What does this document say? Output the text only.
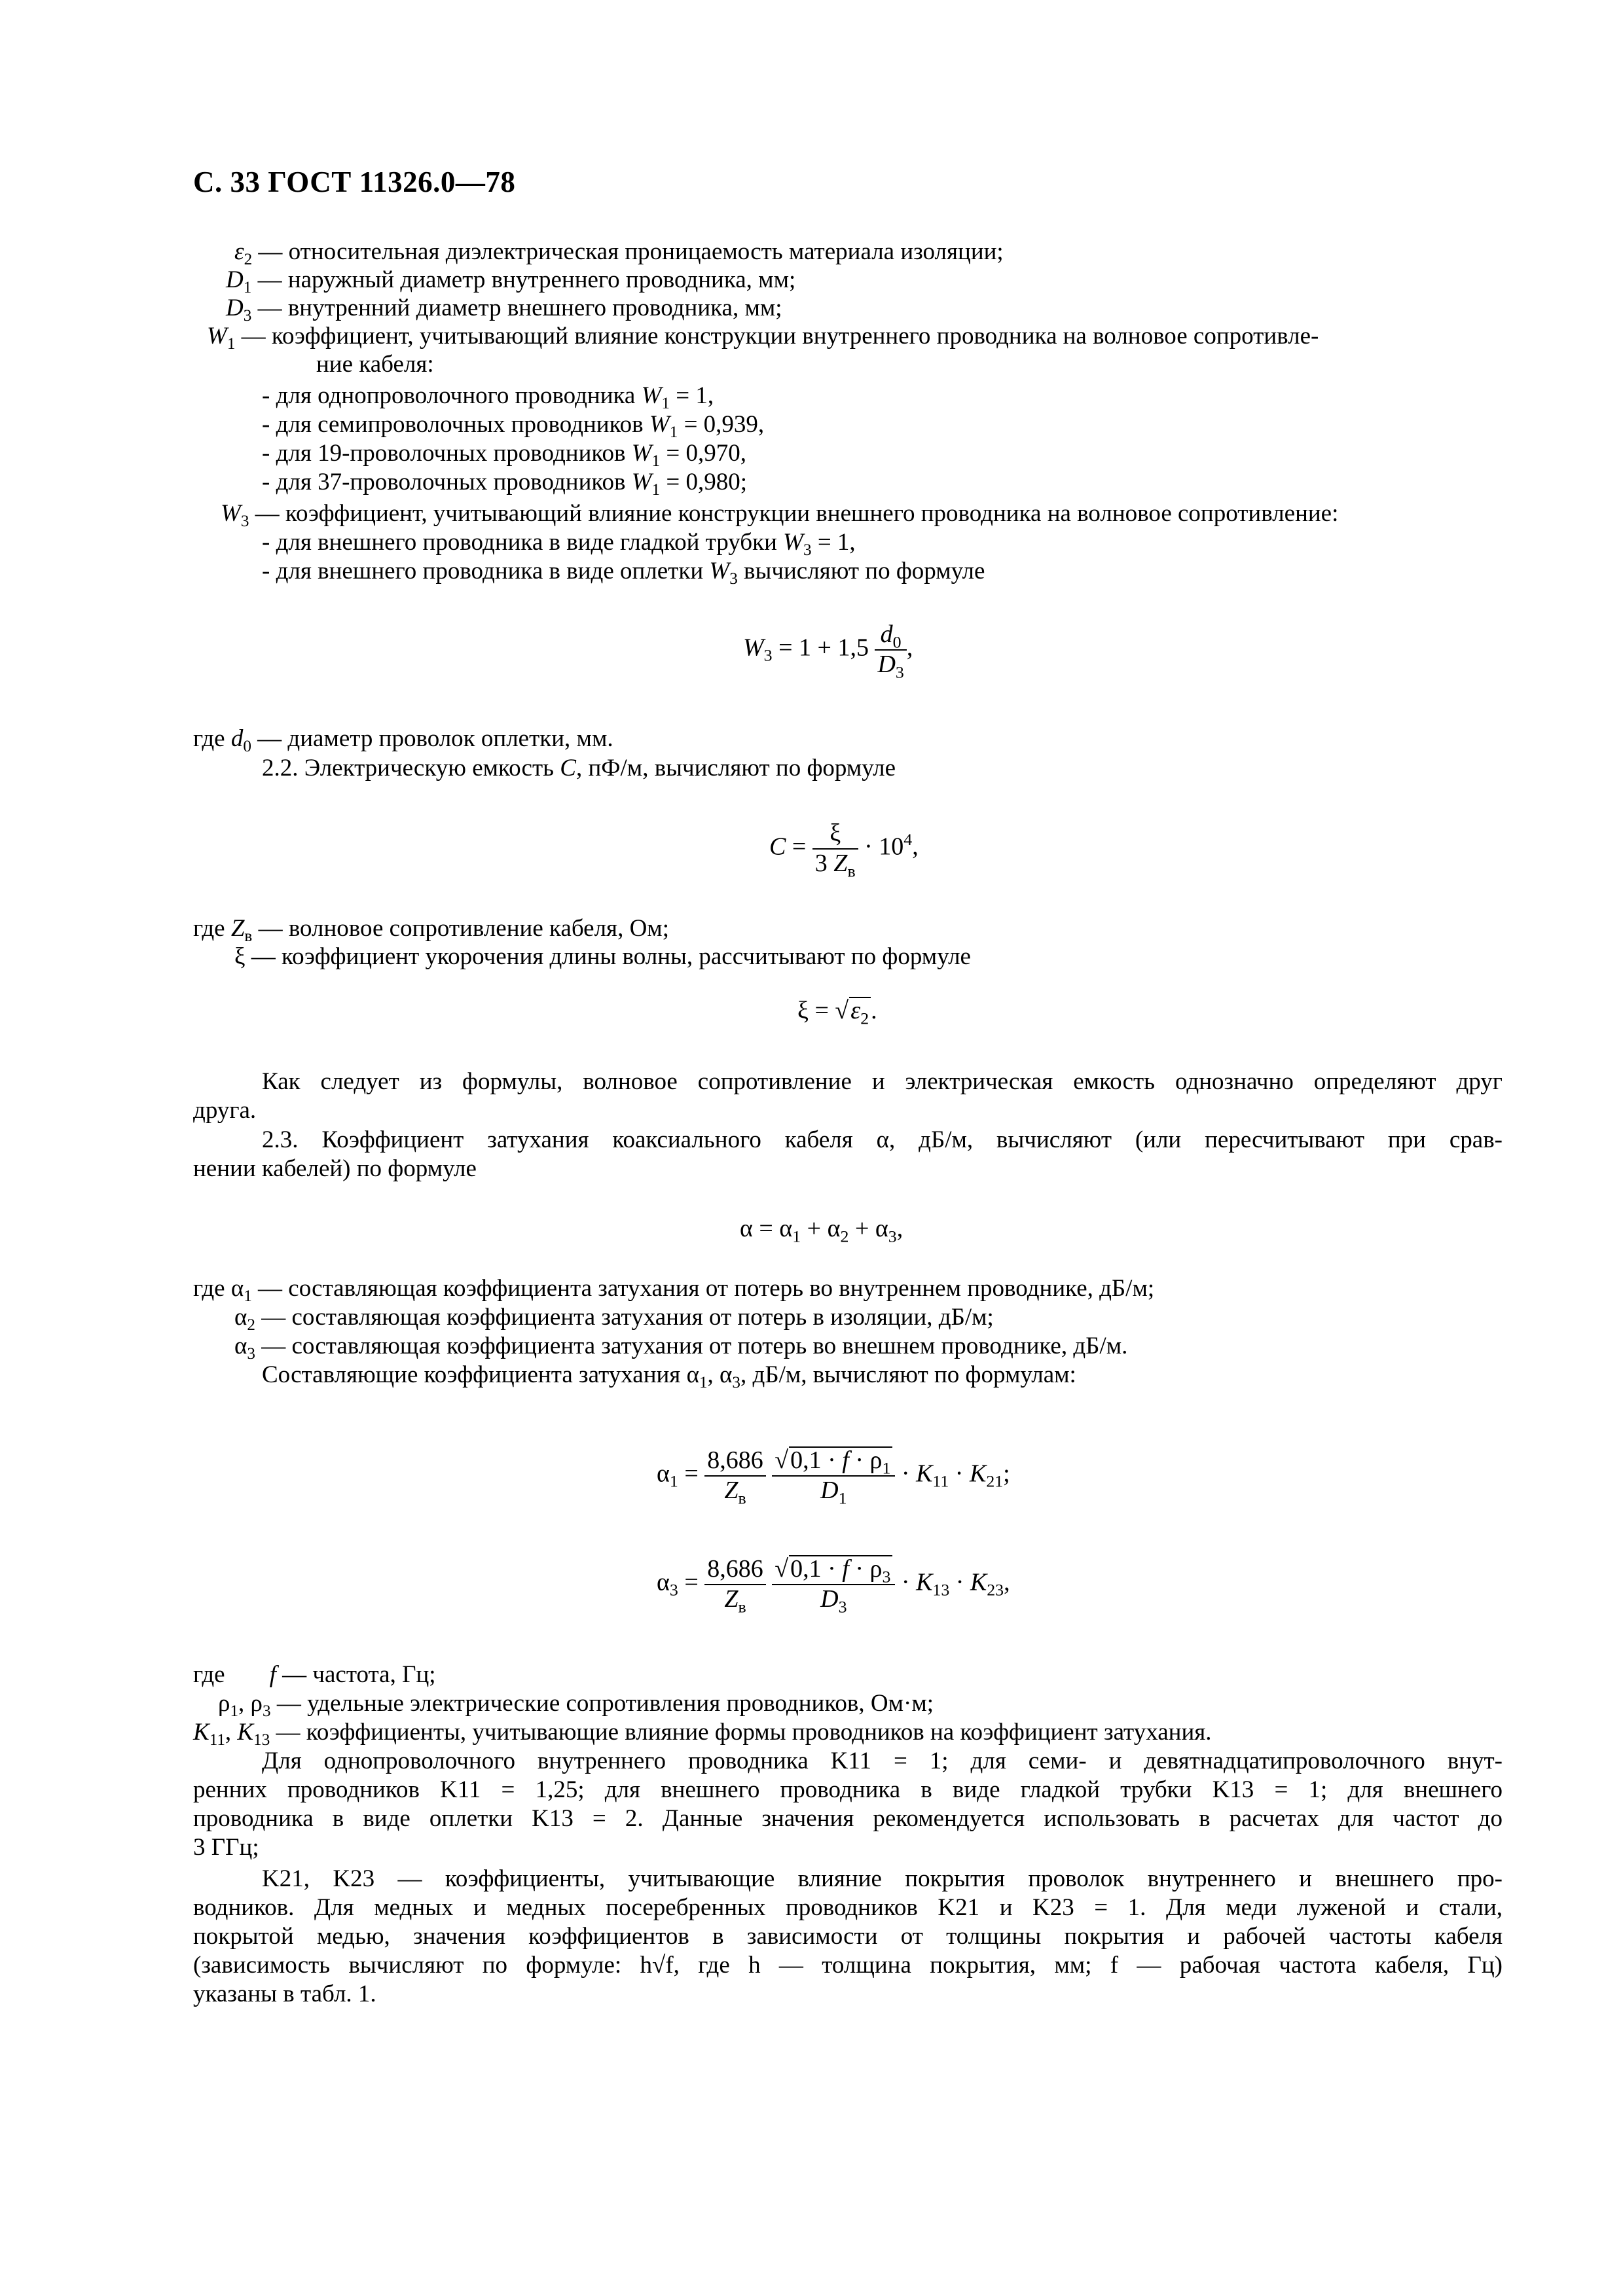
С. 33 ГОСТ 11326.0—78
$\varepsilon_2$ — относительная диэлектрическая проницаемость материала изоляции;
$D_1$ — наружный диаметр внутреннего проводника, мм;
$D_3$ — внутренний диаметр внешнего проводника, мм;
$W_1$ — коэффициент, учитывающий влияние конструкции внутреннего проводника на волновое сопротивле-
ние кабеля:
- для однопроволочного проводника $W_1 = 1$,
- для семипроволочных проводников $W_1 = 0,939$,
- для 19-проволочных проводников $W_1 = 0,970$,
- для 37-проволочных проводников $W_1 = 0,980$;
$W_3$ — коэффициент, учитывающий влияние конструкции внешнего проводника на волновое сопротивление:
- для внешнего проводника в виде гладкой трубки $W_3 = 1$,
- для внешнего проводника в виде оплетки $W_3$ вычисляют по формуле
$W_3 = 1 + 1,5 \frac{d_0}{D_3}$ ,
где $d_0$ — диаметр проволок оплетки, мм.
2.2. Электрическую емкость C, пФ/м, вычисляют по формуле
$C = \frac{\xi}{3 Z_в} \cdot 10^4$,
где $Z_в$ — волновое сопротивление кабеля, Ом;
ξ — коэффициент укорочения длины волны, рассчитывают по формуле
$\xi = √\varepsilon_2$.
Как следует из формулы, волновое сопротивление и электрическая емкость однозначно определяют друг
друга.
2.3. Коэффициент затухания коаксиального кабеля α, дБ/м, вычисляют (или пересчитывают при срав-
нении кабелей) по формуле
$\alpha = \alpha_1 + \alpha_2 + \alpha_3$,
где $\alpha_1$ — составляющая коэффициента затухания от потерь во внутреннем проводнике, дБ/м;
$\alpha_2$ — составляющая коэффициента затухания от потерь в изоляции, дБ/м;
$\alpha_3$ — составляющая коэффициента затухания от потерь во внешнем проводнике, дБ/м.
Составляющие коэффициента затухания $\alpha_1$, $\alpha_3$, дБ/м, вычисляют по формулам:
$\alpha_1 = \frac{8,686}{Z_в}$
$\frac{√0,1 \cdot f \cdot \rho_1}{D_1} \cdot K_{11} \cdot K_{21}$;
$\alpha_3 = \frac{8,686}{Z_в}$
$\frac{√0,1 \cdot f \cdot \rho_3}{D_3} \cdot K_{13} \cdot K_{23}$,
где f — частота, Гц;
$\rho_1$, $\rho_3$ — удельные электрические сопротивления проводников, Ом·м;
$K_{11}$, $K_{13}$ — коэффициенты, учитывающие влияние формы проводников на коэффициент затухания.
Для однопроволочного внутреннего проводника K11 = 1; для семи- и девятнадцатипроволочного внут-
ренних проводников K11 = 1,25; для внешнего проводника в виде гладкой трубки K13 = 1; для внешнего
проводника в виде оплетки K13 = 2. Данные значения рекомендуется использовать в расчетах для частот до
3 ГГц;
K21, K23 — коэффициенты, учитывающие влияние покрытия проволок внутреннего и внешнего про-
водников. Для медных и медных посеребренных проводников K21 и K23 = 1. Для меди луженой и стали,
покрытой медью, значения коэффициентов в зависимости от толщины покрытия и рабочей частоты кабеля
(зависимость вычисляют по формуле: h√f, где h — толщина покрытия, мм; f — рабочая частота кабеля, Гц)
указаны в табл. 1.
